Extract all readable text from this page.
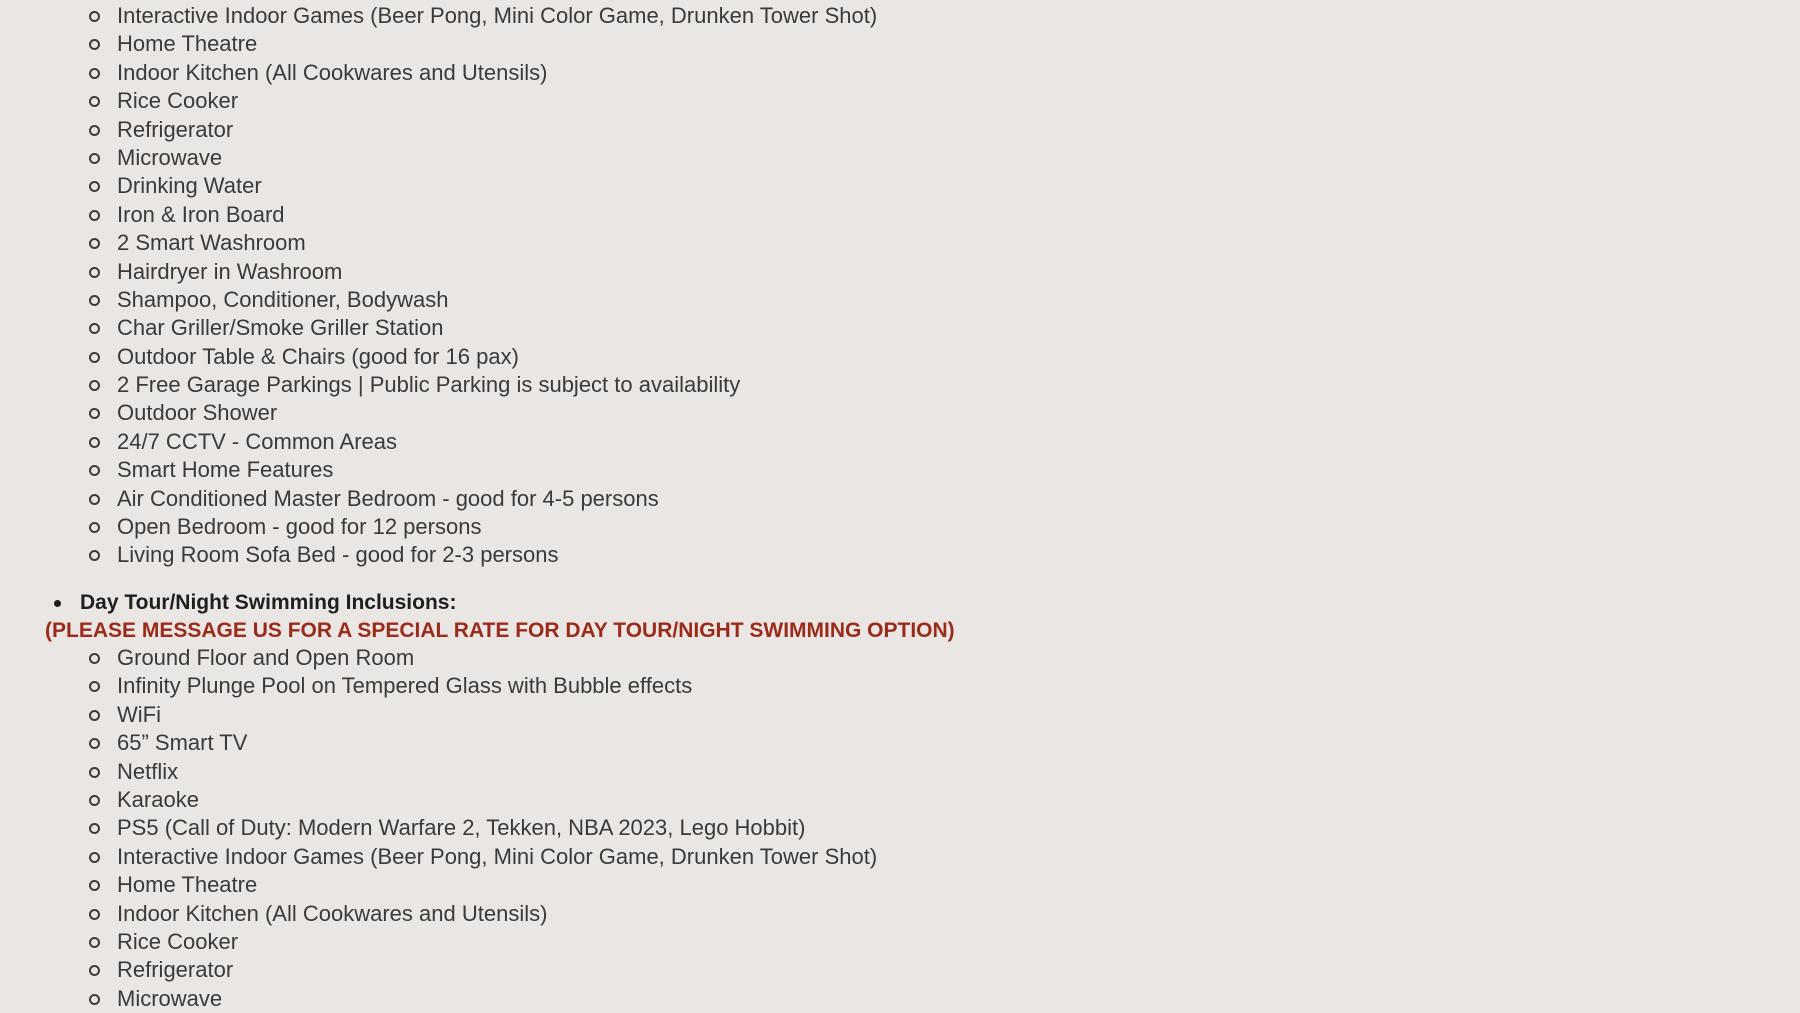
Interactive Indoor Games (Beer Pong, Mini Color Game, Drunken Tower Shot)
Home Theatre
Indoor Kitchen (All Cookwares and Utensils)
Rice Cooker
Refrigerator
Microwave
Drinking Water
Iron & Iron Board
2 Smart Washroom
Hairdryer in Washroom
Shampoo, Conditioner, Bodywash
Char Griller/Smoke Griller Station
Outdoor Table & Chairs (good for 16 pax)
2 Free Garage Parkings | Public Parking is subject to availability
Outdoor Shower
24/7 CCTV - Common Areas
Smart Home Features
Air Conditioned Master Bedroom - good for 4-5 persons
Open Bedroom - good for 12 persons
Living Room Sofa Bed - good for 2-3 persons
Day Tour/Night Swimming Inclusions:
(PLEASE MESSAGE US FOR A SPECIAL RATE FOR DAY TOUR/NIGHT SWIMMING OPTION)
Ground Floor and Open Room
Infinity Plunge Pool on Tempered Glass with Bubble effects
WiFi
65” Smart TV
Netflix
Karaoke
PS5 (Call of Duty: Modern Warfare 2, Tekken, NBA 2023, Lego Hobbit)
Interactive Indoor Games (Beer Pong, Mini Color Game, Drunken Tower Shot)
Home Theatre
Indoor Kitchen (All Cookwares and Utensils)
Rice Cooker
Refrigerator
Microwave
